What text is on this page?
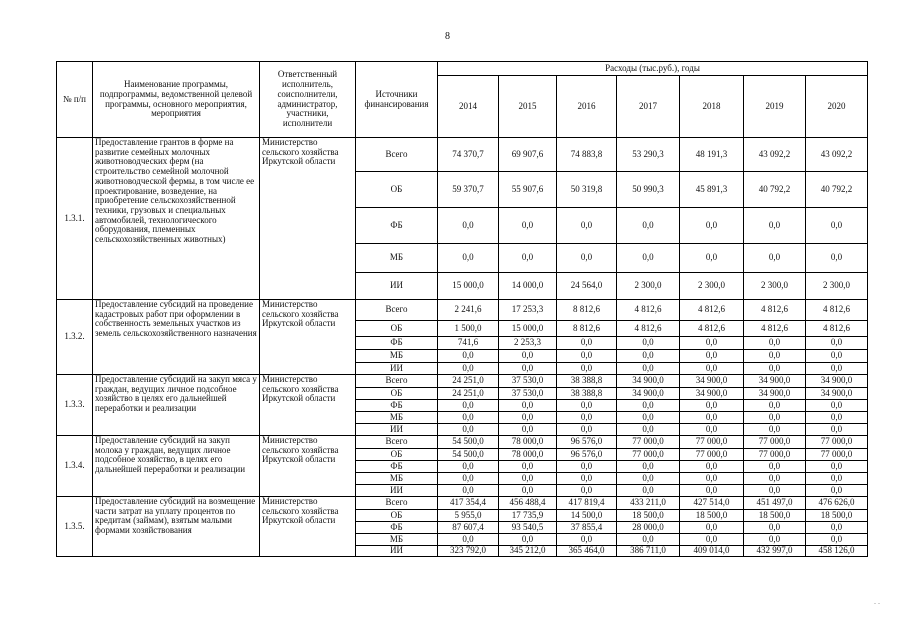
8
№ п/п	Наименование программы, подпрограммы, ведомственной целевой программы, основного мероприятия, мероприятия	Ответственный исполнитель, соисполнители, администратор, участники, исполнители	Источники финансирования	Расходы (тыс.руб.), годы						
				2014	2015	2016	2017	2018	2019	2020
1.3.1.	Предоставление грантов в форме на развитие семейных молочных животноводческих ферм (на строительство семейной молочной животноводческой фермы, в том числе ее проектирование, возведение, на приобретение сельскохозяйственной техники, грузовых и специальных автомобилей, технологического оборудования, племенных сельскохозяйственных животных)	Министерство сельского хозяйства Иркутской области	Всего	74 370,7	69 907,6	74 883,8	53 290,3	48 191,3	43 092,2	43 092,2
			ОБ	59 370,7	55 907,6	50 319,8	50 990,3	45 891,3	40 792,2	40 792,2
			ФБ	0,0	0,0	0,0	0,0	0,0	0,0	0,0
			МБ	0,0	0,0	0,0	0,0	0,0	0,0	0,0
			ИИ	15 000,0	14 000,0	24 564,0	2 300,0	2 300,0	2 300,0	2 300,0
1.3.2.	Предоставление субсидий на проведение кадастровых работ при оформлении в собственность земельных участков из земель сельскохозяйственного назначения	Министерство сельского хозяйства Иркутской области	Всего	2 241,6	17 253,3	8 812,6	4 812,6	4 812,6	4 812,6	4 812,6
			ОБ	1 500,0	15 000,0	8 812,6	4 812,6	4 812,6	4 812,6	4 812,6
			ФБ	741,6	2 253,3	0,0	0,0	0,0	0,0	0,0
			МБ	0,0	0,0	0,0	0,0	0,0	0,0	0,0
			ИИ	0,0	0,0	0,0	0,0	0,0	0,0	0,0
1.3.3.	Предоставление субсидий на закуп мяса у граждан, ведущих личное подсобное хозяйство в целях его дальнейшей переработки и реализации	Министерство сельского хозяйства Иркутской области	Всего	24 251,0	37 530,0	38 388,8	34 900,0	34 900,0	34 900,0	34 900,0
			ОБ	24 251,0	37 530,0	38 388,8	34 900,0	34 900,0	34 900,0	34 900,0
			ФБ	0,0	0,0	0,0	0,0	0,0	0,0	0,0
			МБ	0,0	0,0	0,0	0,0	0,0	0,0	0,0
			ИИ	0,0	0,0	0,0	0,0	0,0	0,0	0,0
1.3.4.	Предоставление субсидий на закуп молока у граждан, ведущих личное подсобное хозяйство, в целях его дальнейшей переработки и реализации	Министерство сельского хозяйства Иркутской области	Всего	54 500,0	78 000,0	96 576,0	77 000,0	77 000,0	77 000,0	77 000,0
			ОБ	54 500,0	78 000,0	96 576,0	77 000,0	77 000,0	77 000,0	77 000,0
			ФБ	0,0	0,0	0,0	0,0	0,0	0,0	0,0
			МБ	0,0	0,0	0,0	0,0	0,0	0,0	0,0
			ИИ	0,0	0,0	0,0	0,0	0,0	0,0	0,0
1.3.5.	Предоставление субсидий на возмещение части затрат на уплату процентов по кредитам (займам), взятым малыми формами хозяйствования	Министерство сельского хозяйства Иркутской области	Всего	417 354,4	456 488,4	417 819,4	433 211,0	427 514,0	451 497,0	476 626,0
			ОБ	5 955,0	17 735,9	14 500,0	18 500,0	18 500,0	18 500,0	18 500,0
			ФБ	87 607,4	93 540,5	37 855,4	28 000,0	0,0	0,0	0,0
			МБ	0,0	0,0	0,0	0,0	0,0	0,0	0,0
			ИИ	323 792,0	345 212,0	365 464,0	386 711,0	409 014,0	432 997,0	458 126,0
. .
